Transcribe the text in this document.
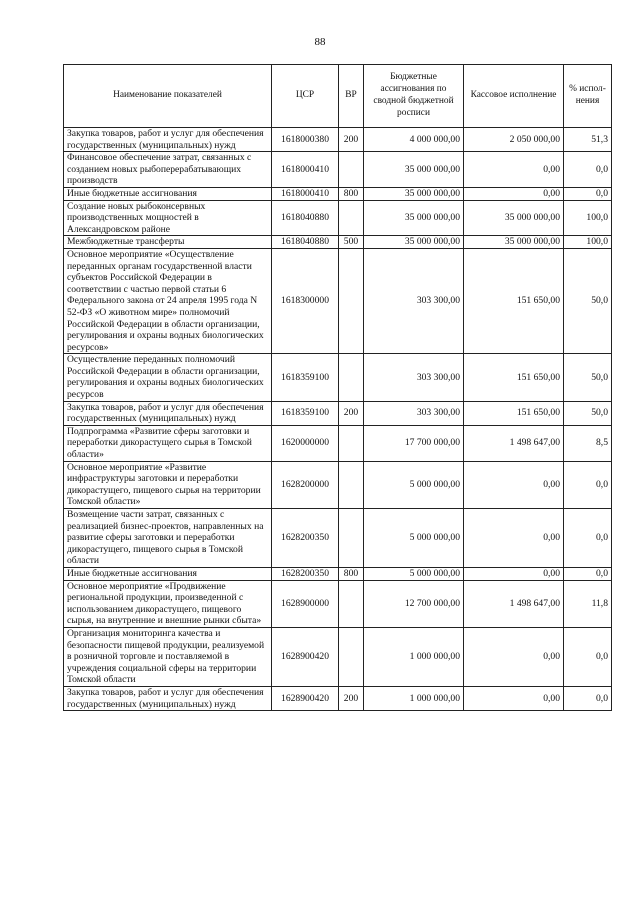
88
Наименование показателей	ЦСР	ВР	Бюджетные ассигнования по сводной бюджетной росписи	Кассовое исполнение	% испол-нения
Закупка товаров, работ и услуг для обеспечения государственных (муниципальных) нужд	1618000380	200	4 000 000,00	2 050 000,00	51,3
Финансовое обеспечение затрат, связанных с созданием новых рыбоперерабатывающих производств	1618000410		35 000 000,00	0,00	0,0
Иные бюджетные ассигнования	1618000410	800	35 000 000,00	0,00	0,0
Создание новых рыбоконсервных производственных мощностей в Александровском районе	1618040880		35 000 000,00	35 000 000,00	100,0
Межбюджетные трансферты	1618040880	500	35 000 000,00	35 000 000,00	100,0
Основное мероприятие «Осуществление переданных органам государственной власти субъектов Российской Федерации в соответствии с частью первой статьи 6 Федерального закона от 24 апреля 1995 года N 52-ФЗ «О животном мире» полномочий Российской Федерации в области организации, регулирования и охраны водных биологических ресурсов»	1618300000		303 300,00	151 650,00	50,0
Осуществление переданных полномочий Российской Федерации в области организации, регулирования и охраны водных биологических ресурсов	1618359100		303 300,00	151 650,00	50,0
Закупка товаров, работ и услуг для обеспечения государственных (муниципальных) нужд	1618359100	200	303 300,00	151 650,00	50,0
Подпрограмма «Развитие сферы заготовки и переработки дикорастущего сырья в Томской области»	1620000000		17 700 000,00	1 498 647,00	8,5
Основное мероприятие «Развитие инфраструктуры заготовки и переработки дикорастущего, пищевого сырья на территории Томской области»	1628200000		5 000 000,00	0,00	0,0
Возмещение части затрат, связанных с реализацией бизнес-проектов, направленных на развитие сферы заготовки и переработки дикорастущего, пищевого сырья в Томской области	1628200350		5 000 000,00	0,00	0,0
Иные бюджетные ассигнования	1628200350	800	5 000 000,00	0,00	0,0
Основное мероприятие «Продвижение региональной продукции, произведенной с использованием дикорастущего, пищевого сырья, на внутренние и внешние рынки сбыта»	1628900000		12 700 000,00	1 498 647,00	11,8
Организация мониторинга качества и безопасности пищевой продукции, реализуемой в розничной торговле и поставляемой в учреждения социальной сферы на территории Томской области	1628900420		1 000 000,00	0,00	0,0
Закупка товаров, работ и услуг для обеспечения государственных (муниципальных) нужд	1628900420	200	1 000 000,00	0,00	0,0
